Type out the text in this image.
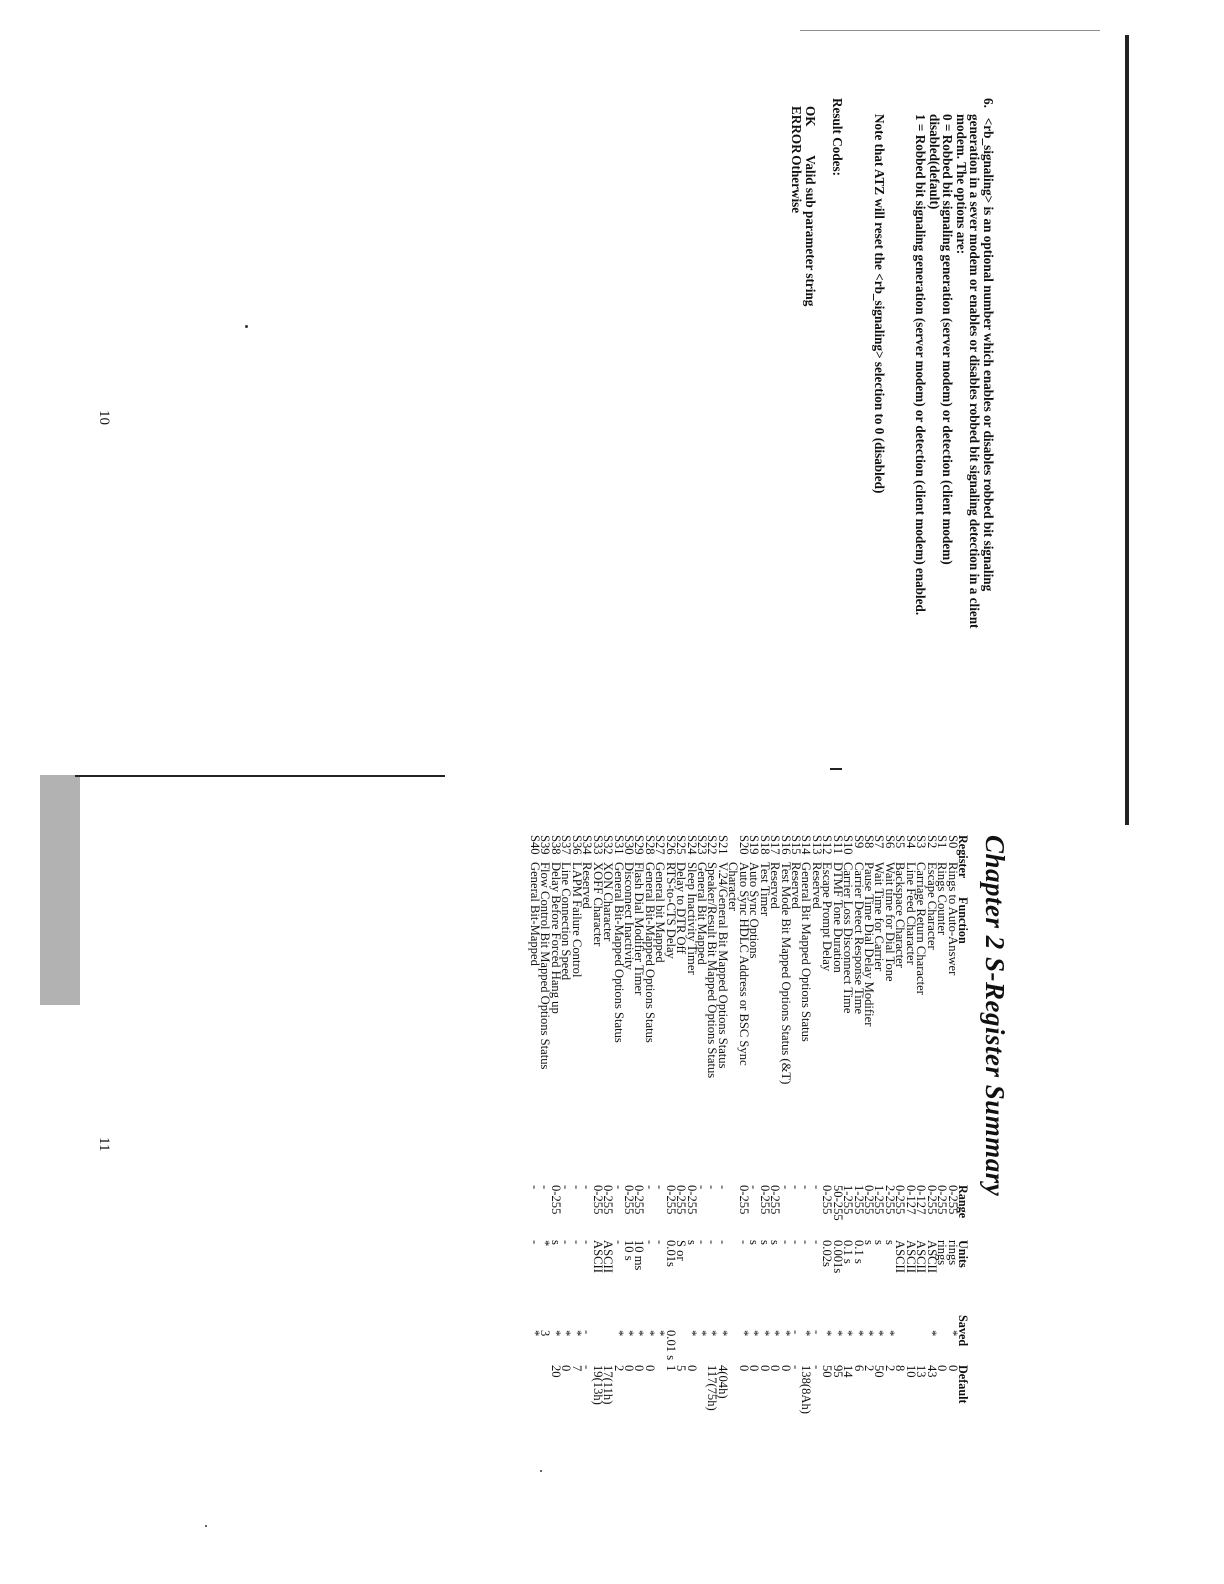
6.   <rb_signaling> is an optional number which enables or disables robbed bit signaling

generation in a sever modem or enables or disables robbed bit signaling detection in a client

modem. The options are:

0 = Robbed bit signaling generation (server modem) or detection (client modem)

disabled(default)

1 = Robbed bit signaling generation (server modem) or detection (client modem) enabled.

Note that ATZ will reset the <rb_signaling> selection to 0 (disabled)

Result Codes:

OK Valid sub parameter string

ERROR Otherwise

10
Chapter 2 S-Register Summary
Register
Function
Range
Units
Saved
Default
S0
Rings to Auto-Answer
0-255
rings
*
0
S1
Rings Counter
0-255
rings
0
S2
Escape Character
0-255
ASCII
*
43
S3
Carriage Return Character
0-127
ASCII
13
S4
Line Feed Character
0-127
ASCII
10
S5
Backspace Character
0-255
ASCII
8
S6
Wait time for Dial Tone
2-255
s
*
2
S7
Wait Time for Carrier
1-255
s
*
50
S8
Pause Time Dial Delay Modifier
0-255
s
*
2
S9
Carrier Detect Response Time
1-255
0.1 s
*
6
S10
Carrier Loss Disconnect Time
1-255
0.1 s
*
14
S11
DTMF Tone Duration
50-255
0.001s
*
95
S12
Escape Prompt Delay
0-255
0.02s
*
50
S13
Reserved
-
-
-
-
S14
General Bit Mapped Options Status
-
-
*
138(8Ah)
S15
Reserved
-
-
-
-
S16
Test Mode Bit Mapped Options Status (&T)
-
-
*
0
S17
Reserved
0-255
s
*
0
S18
Test Timer
0-255
s
*
0
S19
Auto Sync Options
-
s
*
0
S20
Auto Sync HDLC Address or BSC Sync
0-255
-
*
0
Character
S21
V.24/General Bit Mapped Options Status
-
-
*
4(04h)
S22
Speaker/Result Bit Mapped Options Status
-
-
*
117(75h)
S23
General Bit Mapped
-
-
*
S24
Sleep Inactivity Timer
0-255
s
*
0
S25
Delay to DTR Off
0-255
S or
5
S26
RTS-to-CTS Delay
0-255
0.01s
0.01 s
1
S27
General bit Mapped
-
-
*
S28
General Bit-Mapped Options Status
-
-
*
0
S29
Flash Dial Modifier Timer
0-255
10 ms
*
0
S30
Disconnect Inactivity
0-255
10 s
*
0
S31
General Bit-Mapped Options Status
-
-
*
2
S32
XON Character
0-255
ASCII
17(11h)
S33
XOFF Character
0-255
ASCII
19(13h)
S34
Reserved
-
-
-
-
S36
LAPM Failure Control
-
-
*
7
S37
Line Connection Speed
-
-
*
0
S38
Delay Before Forced Hang up
0-255
s
*
20
S39
Flow Control Bit Mapped Options Status
-
*
3
S40
General Bit-Mapped
-
-
*
11
